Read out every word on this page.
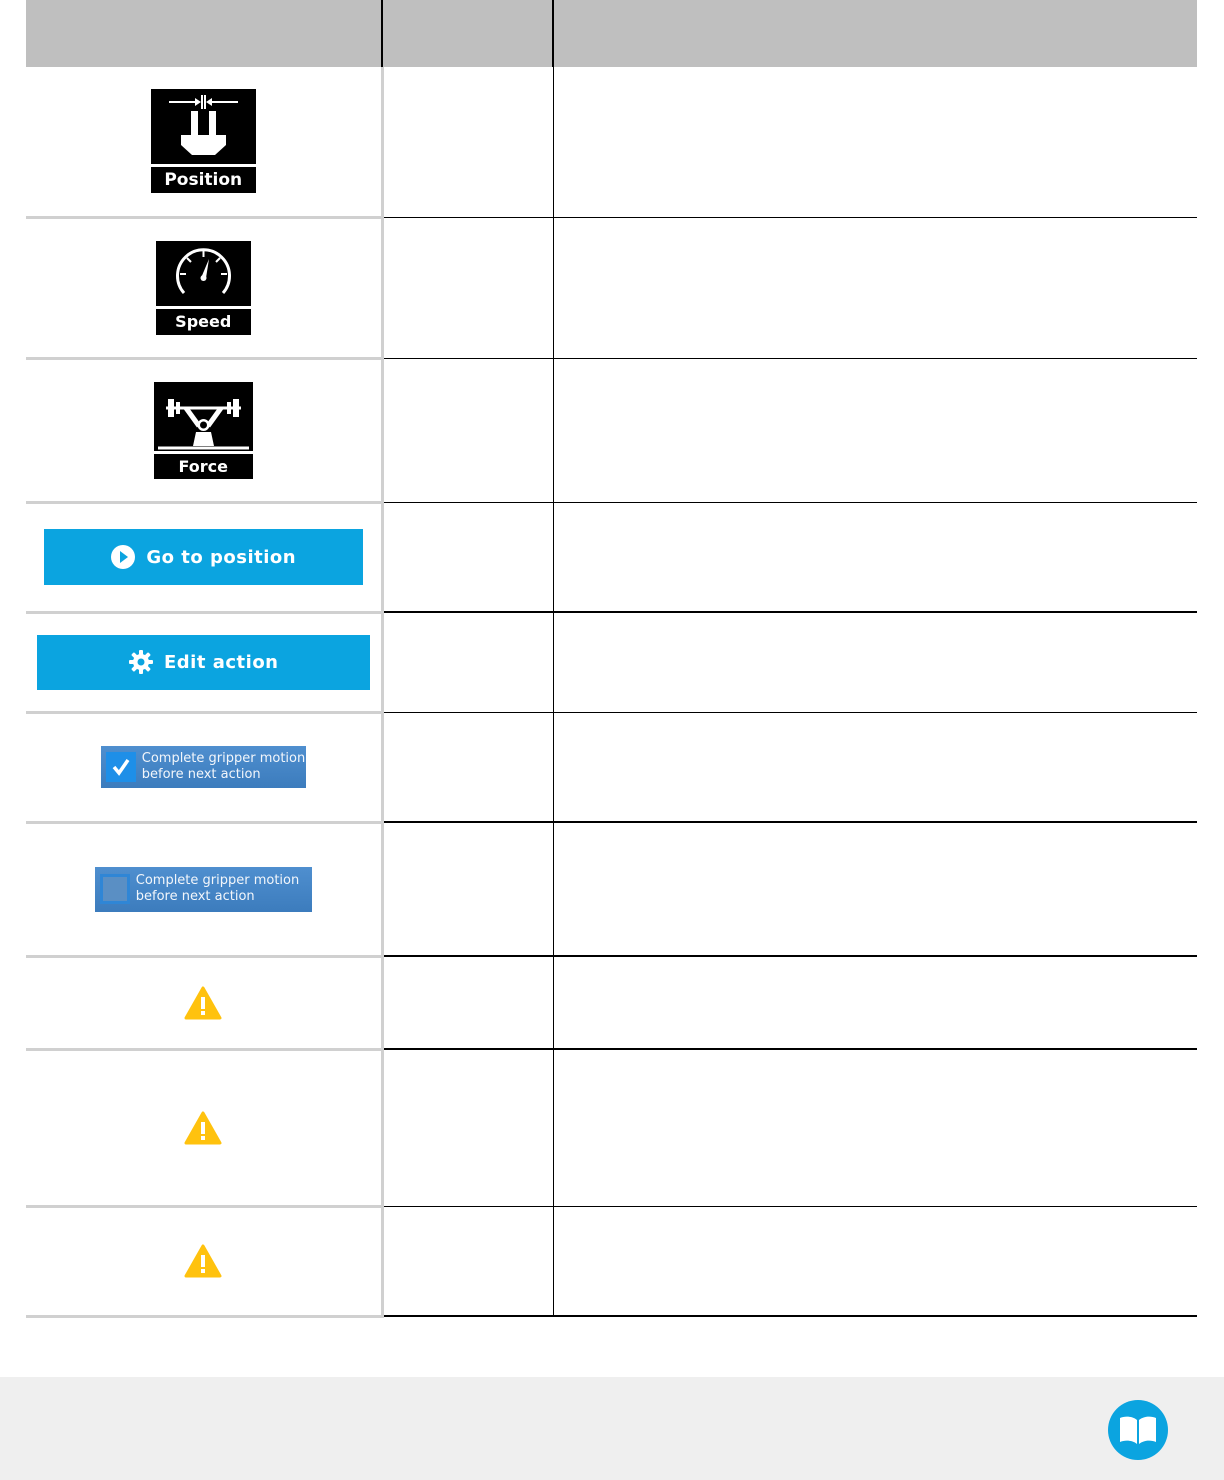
Position		

Speed		

Force		

Go to position		

Edit action		

Complete gripper motion
before next action		

Complete gripper motion
before next action		
